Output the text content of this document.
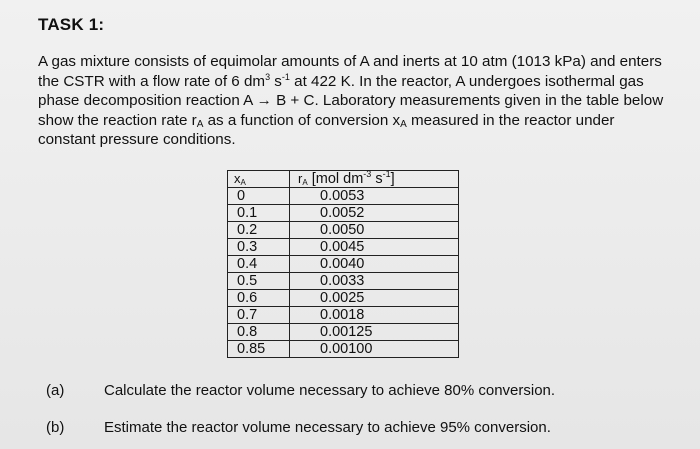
TASK 1:
A gas mixture consists of equimolar amounts of A and inerts at 10 atm (1013 kPa) and enters
the CSTR with a flow rate of 6 $dm^3$ $s^{-1}$ at 422 K. In the reactor, A undergoes isothermal gas
phase decomposition reaction A → B + C. Laboratory measurements given in the table below
show the reaction rate $r_A$ as a function of conversion $x_A$ measured in the reactor under
constant pressure conditions.
$x_A$	$r_A$ [mol $dm^{-3}$ $s^{-1}$]
0	0.0053
0.1	0.0052
0.2	0.0050
0.3	0.0045
0.4	0.0040
0.5	0.0033
0.6	0.0025
0.7	0.0018
0.8	0.00125
0.85	0.00100
(a)	Calculate the reactor volume necessary to achieve 80% conversion.
(b)	Estimate the reactor volume necessary to achieve 95% conversion.
